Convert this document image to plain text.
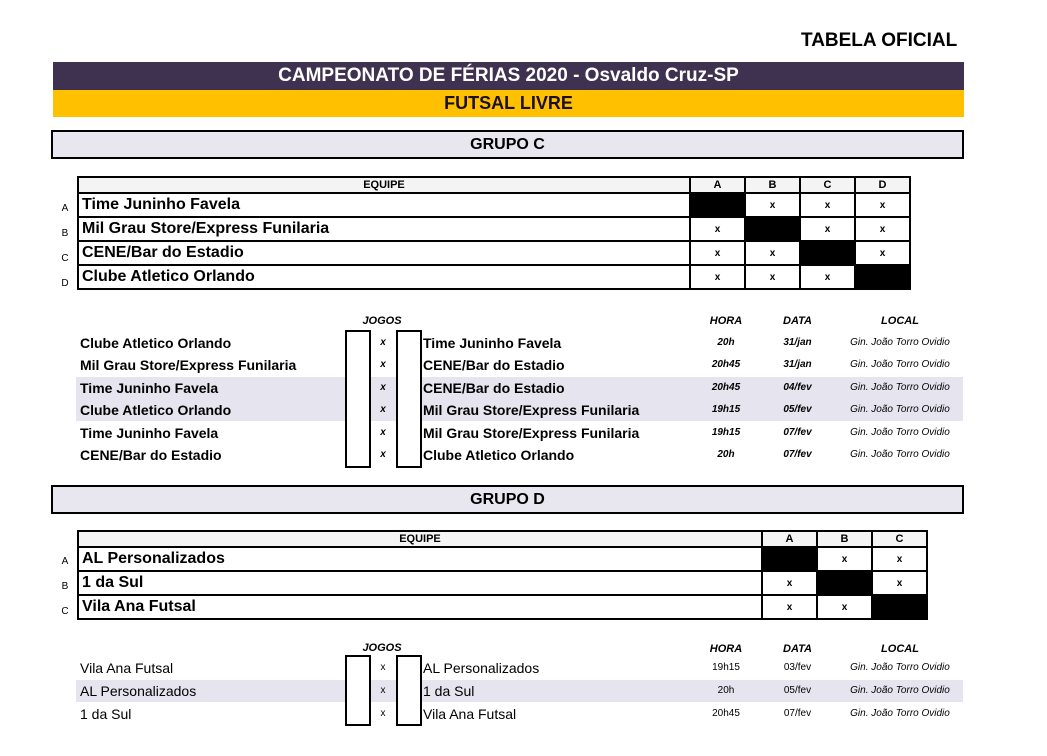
TABELA OFICIAL
CAMPEONATO DE FÉRIAS 2020 - Osvaldo Cruz-SP
FUTSAL LIVRE
GRUPO C
EQUIPE	A	B	C	D
Time Juninho Favela		x	x	x
Mil Grau Store/Express Funilaria	x		x	x
CENE/Bar do Estadio	x	x		x
Clube Atletico Orlando	x	x	x	
A
B
C
D
JOGOS	HORA	DATA	LOCAL
Clube Atletico Orlando	x	Time Juninho Favela	20h	31/jan	Gin. João Torro Ovidio
Mil Grau Store/Express Funilaria	x	CENE/Bar do Estadio	20h45	31/jan	Gin. João Torro Ovidio
Time Juninho Favela	x	CENE/Bar do Estadio	20h45	04/fev	Gin. João Torro Ovidio
Clube Atletico Orlando	x	Mil Grau Store/Express Funilaria	19h15	05/fev	Gin. João Torro Ovidio
Time Juninho Favela	x	Mil Grau Store/Express Funilaria	19h15	07/fev	Gin. João Torro Ovidio
CENE/Bar do Estadio	x	Clube Atletico Orlando	20h	07/fev	Gin. João Torro Ovidio
GRUPO D
EQUIPE	A	B	C
AL Personalizados		x	x
1 da Sul	x		x
Vila Ana Futsal	x	x	
A
B
C
JOGOS	HORA	DATA	LOCAL
Vila Ana Futsal	x	AL Personalizados	19h15	03/fev	Gin. João Torro Ovidio
AL Personalizados	x	1 da Sul	20h	05/fev	Gin. João Torro Ovidio
1 da Sul	x	Vila Ana Futsal	20h45	07/fev	Gin. João Torro Ovidio
